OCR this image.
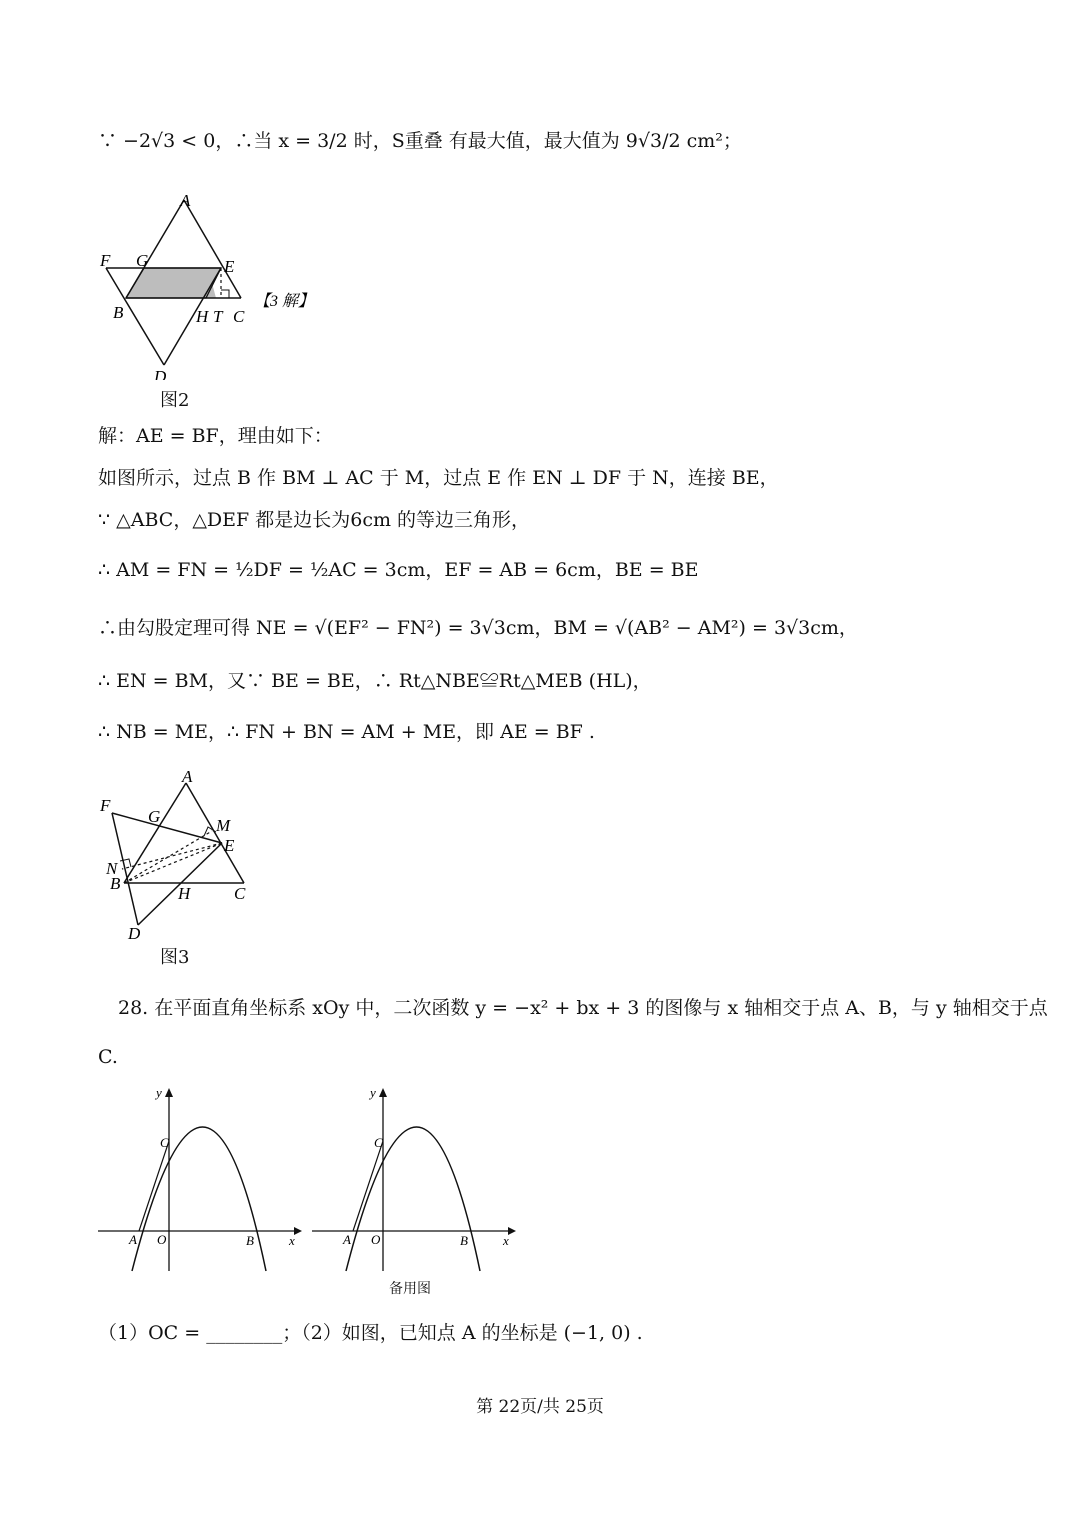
∵ −2√3 < 0，∴当 x = 3/2 时，S重叠 有最大值，最大值为 9√3/2 cm²；
A
F G	E
B	H T C
【3 解】
D
图2
解：AE = BF，理由如下：
如图所示，过点 B 作 BM ⊥ AC 于 M，过点 E 作 EN ⊥ DF 于 N，连接 BE，
∵ △ABC，△DEF 都是边长为6cm 的等边三角形，
∴ AM = FN = ½DF = ½AC = 3cm，EF = AB = 6cm，BE = BE
∴由勾股定理可得 NE = √(EF² − FN²) = 3√3cm，BM = √(AB² − AM²) = 3√3cm，
∴ EN = BM，又∵ BE = BE，∴ Rt△NBE≌Rt△MEB (HL)，
∴ NB = ME，∴ FN + BN = AM + ME，即 AE = BF .
A
F
G	M
E
N
B
H	C
D
图3
28. 在平面直角坐标系 xOy 中，二次函数 y = −x² + bx + 3 的图像与 x 轴相交于点 A、B，与 y 轴相交于点
C.
y
x
C
A O	B
y
x
C
A O	B
备用图
（1）OC = ________；（2）如图，已知点 A 的坐标是 (−1, 0) .
第 22页/共 25页
